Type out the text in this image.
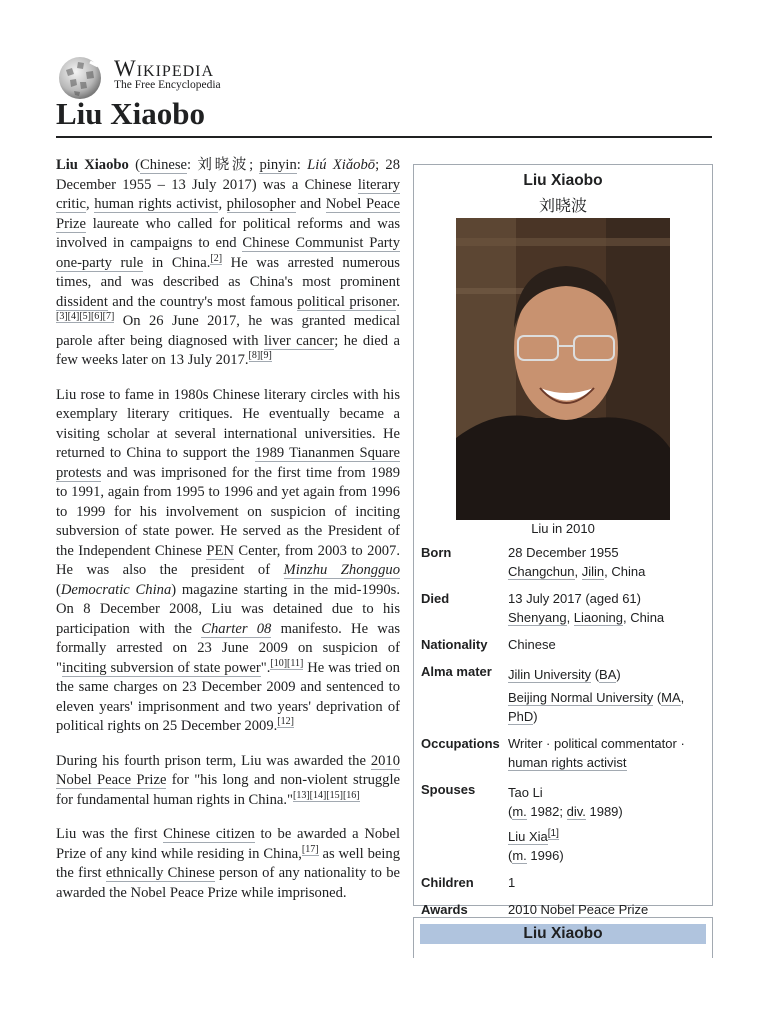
Wikipedia
The Free Encyclopedia
Liu Xiaobo

Liu Xiaobo (Chinese: 刘晓波; pinyin: Liú Xiǎobō; 28 December 1955 – 13 July 2017) was a Chinese literary critic, human rights activist, philosopher and Nobel Peace Prize laureate who called for political reforms and was involved in campaigns to end Chinese Communist Party one-party rule in China.[2] He was arrested numerous times, and was described as China's most prominent dissident and the country's most famous political prisoner.[3][4][5][6][7] On 26 June 2017, he was granted medical parole after being diagnosed with liver cancer; he died a few weeks later on 13 July 2017.[8][9]

Liu rose to fame in 1980s Chinese literary circles with his exemplary literary critiques. He eventually became a visiting scholar at several international universities. He returned to China to support the 1989 Tiananmen Square protests and was imprisoned for the first time from 1989 to 1991, again from 1995 to 1996 and yet again from 1996 to 1999 for his involvement on suspicion of inciting subversion of state power. He served as the President of the Independent Chinese PEN Center, from 2003 to 2007. He was also the president of Minzhu Zhongguo (Democratic China) magazine starting in the mid-1990s. On 8 December 2008, Liu was detained due to his participation with the Charter 08 manifesto. He was formally arrested on 23 June 2009 on suspicion of "inciting subversion of state power".[10][11] He was tried on the same charges on 23 December 2009 and sentenced to eleven years' imprisonment and two years' deprivation of political rights on 25 December 2009.[12]

During his fourth prison term, Liu was awarded the 2010 Nobel Peace Prize for "his long and non-violent struggle for fundamental human rights in China."[13][14][15][16]

Liu was the first Chinese citizen to be awarded a Nobel Prize of any kind while residing in China,[17] as well being the first ethnically Chinese person of any nationality to be awarded the Nobel Peace Prize while imprisoned.

Liu Xiaobo
刘晓波
Liu in 2010
Born	28 December 1955
Changchun, Jilin, China
Died	13 July 2017 (aged 61)
Shenyang, Liaoning, China
Nationality	Chinese
Alma mater	Jilin University (BA)
Beijing Normal University (MA, PhD)
Occupations Writer · political commentator ·
human rights activist
Spouses	Tao Li
(m. 1982; div. 1989)
Liu Xia[1]
(m. 1996)
Children	1
Awards	2010 Nobel Peace Prize
Liu Xiaobo
